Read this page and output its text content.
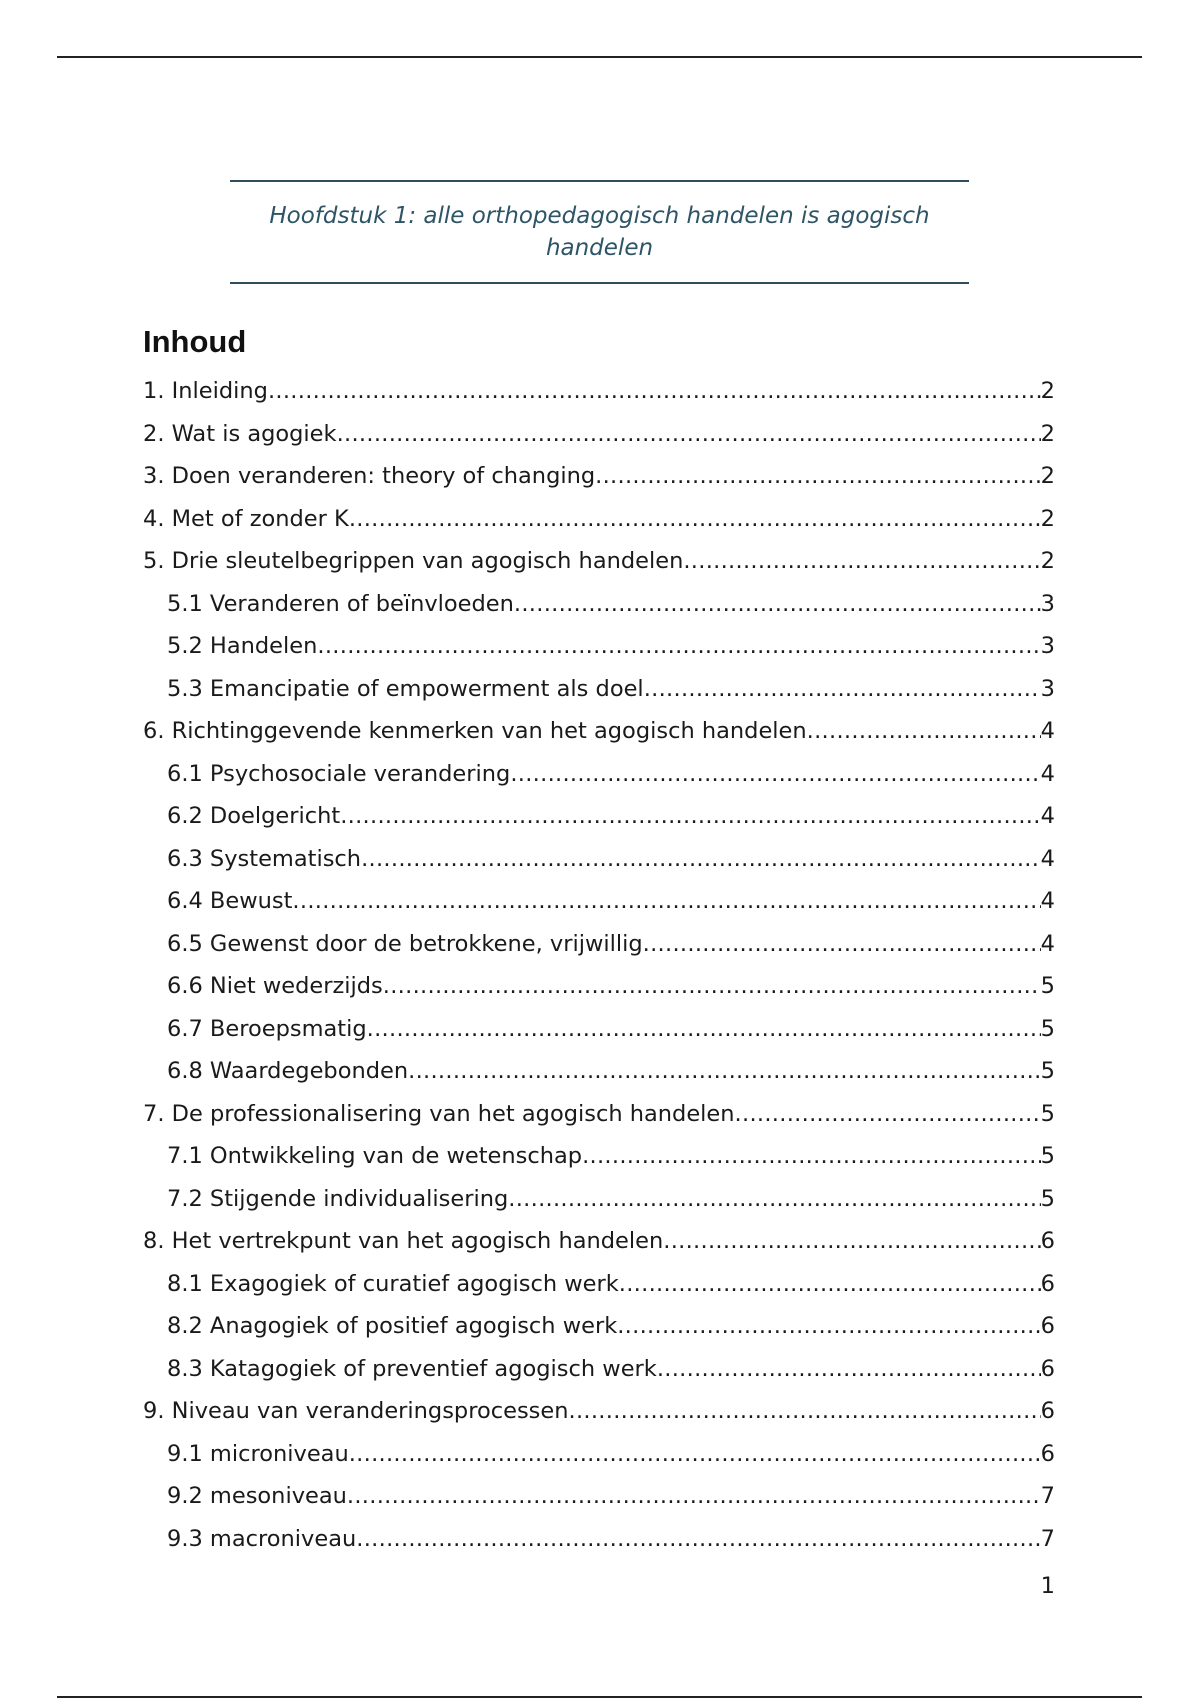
Hoofdstuk 1: alle orthopedagogisch handelen is agogisch handelen

Inhoud
1. Inleiding .....	2
2. Wat is agogiek .....	2
3. Doen veranderen: theory of changing .....	2
4. Met of zonder K .....	2
5. Drie sleutelbegrippen van agogisch handelen .....	2
5.1 Veranderen of beïnvloeden .....	3
5.2 Handelen .....	3
5.3 Emancipatie of empowerment als doel .....	3
6. Richtinggevende kenmerken van het agogisch handelen .....	4
6.1 Psychosociale verandering .....	4
6.2 Doelgericht .....	4
6.3 Systematisch .....	4
6.4 Bewust .....	4
6.5 Gewenst door de betrokkene, vrijwillig .....	4
6.6 Niet wederzijds .....	5
6.7 Beroepsmatig .....	5
6.8 Waardegebonden .....	5
7. De professionalisering van het agogisch handelen .....	5
7.1 Ontwikkeling van de wetenschap .....	5
7.2 Stijgende individualisering .....	5
8. Het vertrekpunt van het agogisch handelen .....	6
8.1 Exagogiek of curatief agogisch werk .....	6
8.2 Anagogiek of positief agogisch werk .....	6
8.3 Katagogiek of preventief agogisch werk .....	6
9. Niveau van veranderingsprocessen .....	6
9.1 microniveau .....	6
9.2 mesoniveau .....	7
9.3 macroniveau .....	7
1
